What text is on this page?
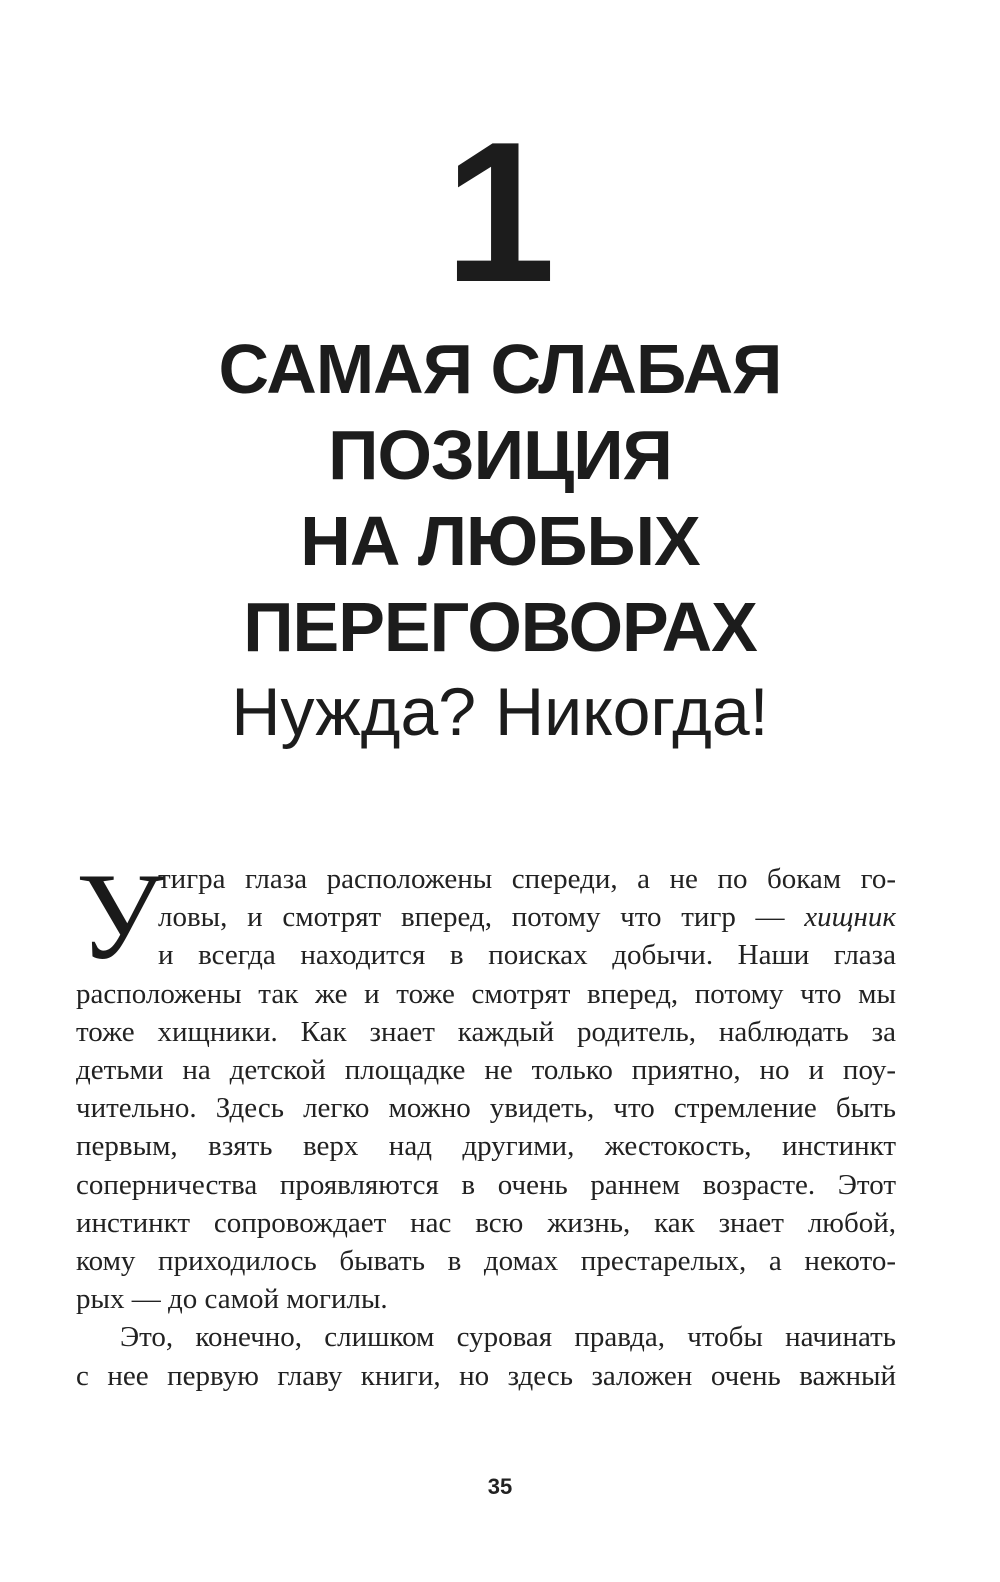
1
САМАЯ СЛАБАЯ
ПОЗИЦИЯ
НА ЛЮБЫХ
ПЕРЕГОВОРАХ
Нужда? Никогда!
У
тигра глаза расположены спереди, а не по бокам го-
ловы, и смотрят вперед, потому что тигр — хищник
и всегда находится в поисках добычи. Наши глаза
расположены так же и тоже смотрят вперед, потому что мы
тоже хищники. Как знает каждый родитель, наблюдать за
детьми на детской площадке не только приятно, но и поу-
чительно. Здесь легко можно увидеть, что стремление быть
первым, взять верх над другими, жестокость, инстинкт
соперничества проявляются в очень раннем возрасте. Этот
инстинкт сопровождает нас всю жизнь, как знает любой,
кому приходилось бывать в домах престарелых, а некото-
рых — до самой могилы.
Это, конечно, слишком суровая правда, чтобы начинать
с нее первую главу книги, но здесь заложен очень важный
35
